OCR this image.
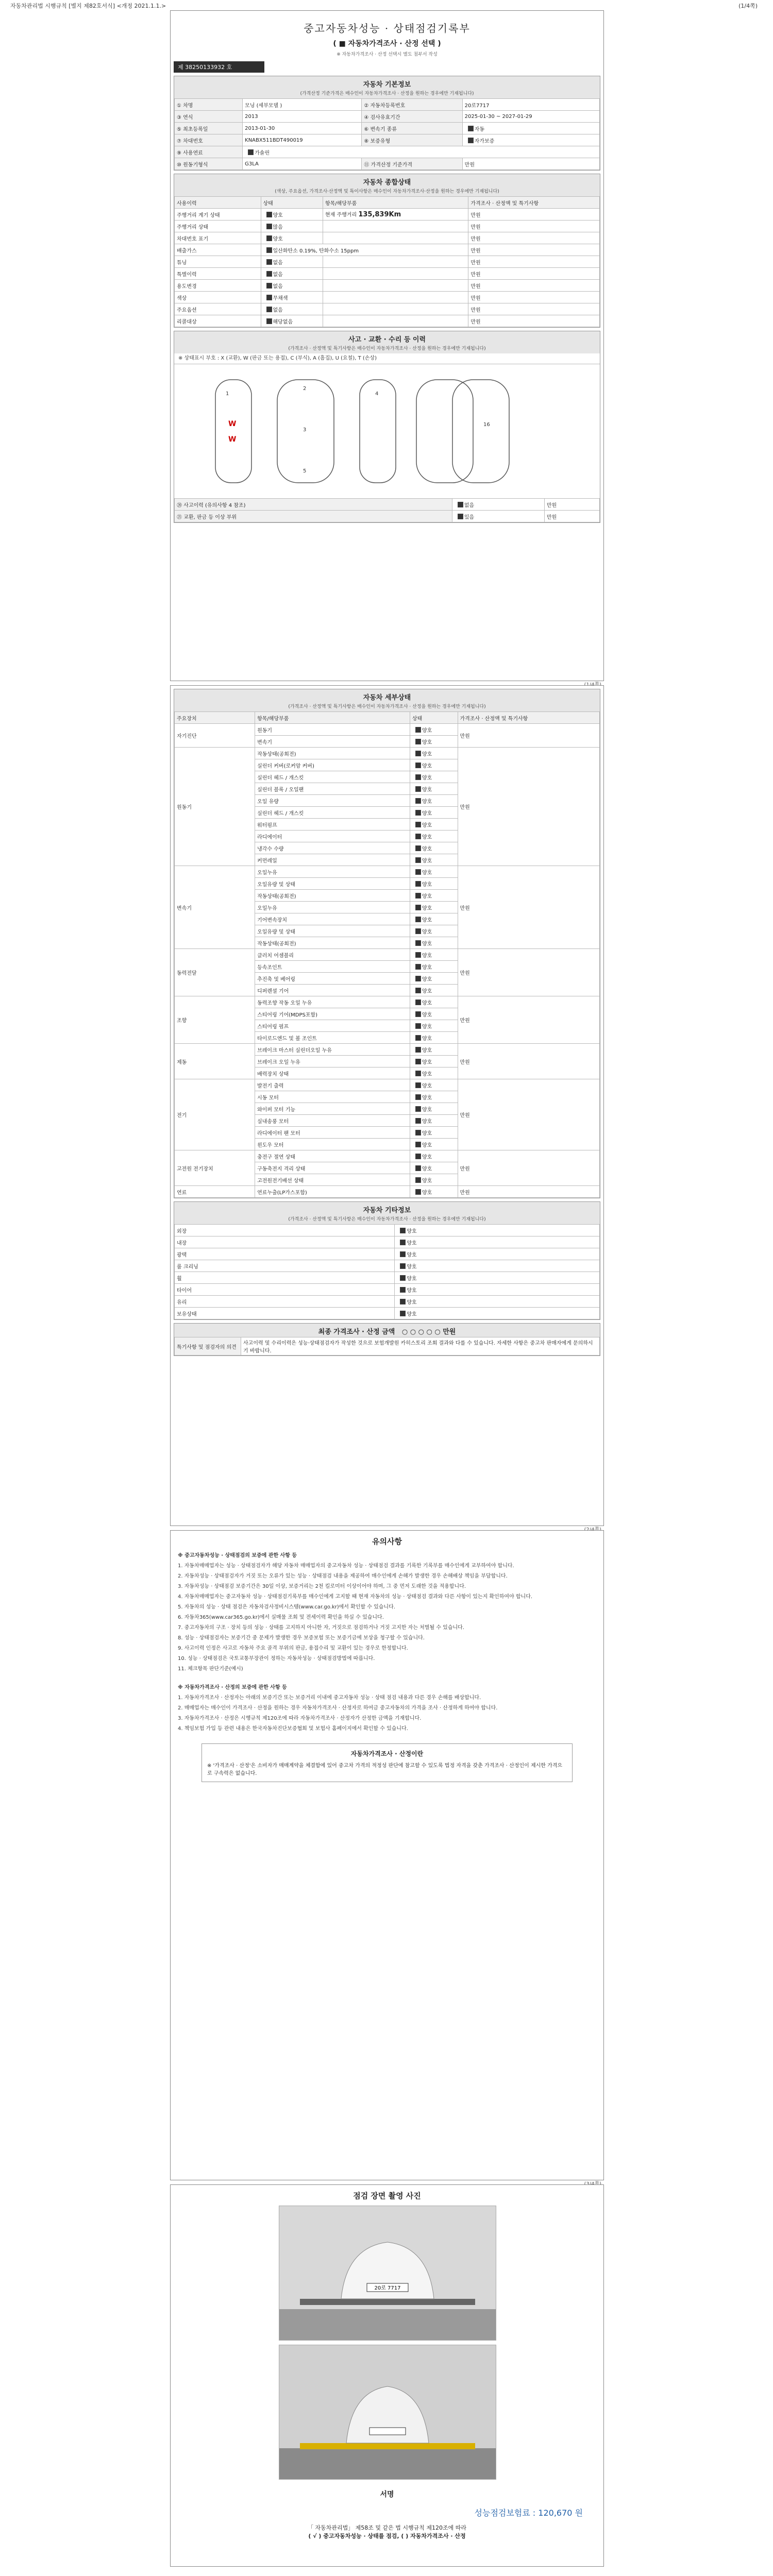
자동차관리법 시행규칙 [별지 제82호서식] <개정 2021.1.1.>	(1/4쪽)
중고자동차성능 · 상태점검기록부
( ■ 자동차가격조사 · 산정 선택 )
※ 자동차가격조사 · 산정 선택시 별도 첨부서 작성
제 38250133932 호
자동차 기본정보
(가격산정 기준가격은 매수인이 자동차가격조사 · 산정을 원하는 경우에만 기재됩니다)
① 차명	모닝 (세부모델 )	② 자동차등록번호	20로7717
③ 연식	2013	④ 검사유효기간	2025-01-30 ~ 2027-01-29
⑤ 최초등록일	2013-01-30	⑥ 변속기 종류	자동
⑦ 차대번호	KNABX511BDT490019	⑧ 보증유형	자가보증
⑨ 사용연료	가솔린		
⑩ 원동기형식	G3LA	⑪ 가격산정 기준가격	만원
자동차 종합상태
(색상, 주요옵션, 가격조사·산정액 및 특이사항은 매수인이 자동차가격조사·산정을 원하는 경우에만 기재됩니다)
사용이력	상태	항목/해당부품	가격조사 · 산정액 및 특기사항
주행거리 계기 상태	양호	현재 주행거리 135,839Km	만원
주행거리 상태	많음		만원
차대번호 표기	양호		만원
배출가스	일산화탄소 0.19%, 탄화수소 15ppm		만원
튜닝	없음		만원
특별이력	없음		만원
용도변경	없음		만원
색상	무채색		만원
주요옵션	없음		만원
리콜대상	해당없음		만원
사고 · 교환 · 수리 등 이력
(가격조사 · 산정액 및 특기사항은 매수인이 자동차가격조사 · 산정을 원하는 경우에만 기재됩니다)
※ 상태표시 부호 : X (교환), W (판금 또는 용접), C (부식), A (흠집), U (요철), T (손상)
1
2
3
4
5
16
W
W
⑳ 사고이력 (유의사항 4 참조)	없음	만원
㉑ 교환, 판금 등 이상 부위	있음	만원
자동차 세부상태
(가격조사 · 산정액 및 특기사항은 매수인이 자동차가격조사 · 산정을 원하는 경우에만 기재됩니다)
주요장치	항목/해당부품	상태	가격조사 · 산정액 및 특기사항
자기진단	원동기	양호	만원
	변속기	양호	
원동기	작동상태(공회전)	양호	만원
	실린더 커버(로커암 커버)	양호	
	실린더 헤드 / 개스킷	양호	
	실린더 블록 / 오일팬	양호	
	오일 유량	양호	
	실린더 헤드 / 개스킷	양호	
	워터펌프	양호	
	라디에이터	양호	
	냉각수 수량	양호	
	커먼레일	양호	
변속기	오일누유	양호	만원
	오일유량 및 상태	양호	
	작동상태(공회전)	양호	
	오일누유	양호	
	기어변속장치	양호	
	오일유량 및 상태	양호	
	작동상태(공회전)	양호	
동력전달	클러치 어셈블리	양호	만원
	등속조인트	양호	
	추진축 및 베어링	양호	
	디퍼렌셜 기어	양호	
조향	동력조향 작동 오일 누유	양호	만원
	스티어링 기어(MDPS포함)	양호	
	스티어링 펌프	양호	
	타이로드엔드 및 볼 조인트	양호	
제동	브레이크 마스터 실린더오일 누유	양호	만원
	브레이크 오일 누유	양호	
	배력장치 상태	양호	
전기	발전기 출력	양호	만원
	시동 모터	양호	
	와이퍼 모터 기능	양호	
	실내송풍 모터	양호	
	라디에이터 팬 모터	양호	
	윈도우 모터	양호	
고전원 전기장치	충전구 절연 상태	양호	만원
	구동축전지 격리 상태	양호	
	고전원전기배선 상태	양호	
연료	연료누출(LP가스포함)	양호	만원
자동차 기타정보
(가격조사 · 산정액 및 특기사항은 매수인이 자동차가격조사 · 산정을 원하는 경우에만 기재됩니다)
외장	양호
내장	양호
광택	양호
룸 크리닝	양호
휠	양호
타이어	양호
유리	양호
보유상태	양호
최종 가격조사 · 산정 금액 ○ ○ ○ ○ ○ 만원
특기사항 및 점검자의 의견	사고이력 및 수리이력은 성능·상태점검자가 작성한 것으로 보험개발원 카히스토리 조회 결과와 다를 수 있습니다. 자세한 사항은 중고차 판매자에게 문의하시기 바랍니다.
유의사항

※ 중고자동차성능 · 상태점검의 보증에 관한 사항 등

1. 자동차매매업자는 성능 · 상태점검자가 해당 자동차 매매업자의 중고자동차 성능 · 상태점검 결과를 기록한 기록부를 매수인에게 교부하여야 합니다.

2. 자동차성능 · 상태점검자가 거짓 또는 오류가 있는 성능 · 상태점검 내용을 제공하여 매수인에게 손해가 발생한 경우 손해배상 책임을 부담합니다.

3. 자동차성능 · 상태점검 보증기간은 30일 이상, 보증거리는 2천 킬로미터 이상이어야 하며, 그 중 먼저 도래한 것을 적용합니다.

4. 자동차매매업자는 중고자동차 성능 · 상태점검기록부를 매수인에게 고지할 때 현재 자동차의 성능 · 상태점검 결과와 다른 사항이 있는지 확인하여야 합니다.

5. 자동차의 성능 · 상태 점검은 자동차검사정비시스템(www.car.go.kr)에서 확인할 수 있습니다.

6. 자동차365(www.car365.go.kr)에서 실매물 조회 및 전세이력 확인을 하실 수 있습니다.

7. 중고자동차의 구조 · 장치 등의 성능 · 상태를 고지하지 아니한 자, 거짓으로 점검하거나 거짓 고지한 자는 처벌될 수 있습니다.

8. 성능 · 상태점검자는 보증기간 중 문제가 발생한 경우 보증보험 또는 보증기금에 보상을 청구할 수 있습니다.

9. 사고이력 인정은 사고로 자동차 주요 골격 부위의 판금, 용접수리 및 교환이 있는 경우로 한정합니다.

10. 성능 · 상태점검은 국토교통부장관이 정하는 자동차성능 · 상태점검방법에 따릅니다.

11. 체크항목 판단기준(예시)

※ 자동차가격조사 · 산정의 보증에 관한 사항 등

1. 자동차가격조사 · 산정자는 아래의 보증기간 또는 보증거리 이내에 중고자동차 성능 · 상태 점검 내용과 다른 경우 손해를 배상합니다.

2. 매매업자는 매수인이 가격조사 · 산정을 원하는 경우 자동차가격조사 · 산정자로 하여금 중고자동차의 가격을 조사 · 산정하게 하여야 합니다.

3. 자동차가격조사 · 산정은 시행규칙 제120조에 따라 자동차가격조사 · 산정자가 산정한 금액을 기재합니다.

4. 책임보험 가입 등 관련 내용은 한국자동차진단보증협회 및 보험사 홈페이지에서 확인할 수 있습니다.

자동차가격조사 · 산정이란
※ '가격조사 · 산정'은 소비자가 매매계약을 체결함에 있어 중고차 가격의 적정성 판단에 참고할 수 있도록 법정 자격을 갖춘 가격조사 · 산정인이 제시한 가격으로 구속력은 없습니다.
점검 장면 촬영 사진
20로 7717
서명
성능점검보험료 : 120,670 원
「 자동차관리법」 제58조 및 같은 법 시행규칙 제120조에 따라
( √ ) 중고자동차성능 · 상태를 점검, ( ) 자동차가격조사 · 산정
